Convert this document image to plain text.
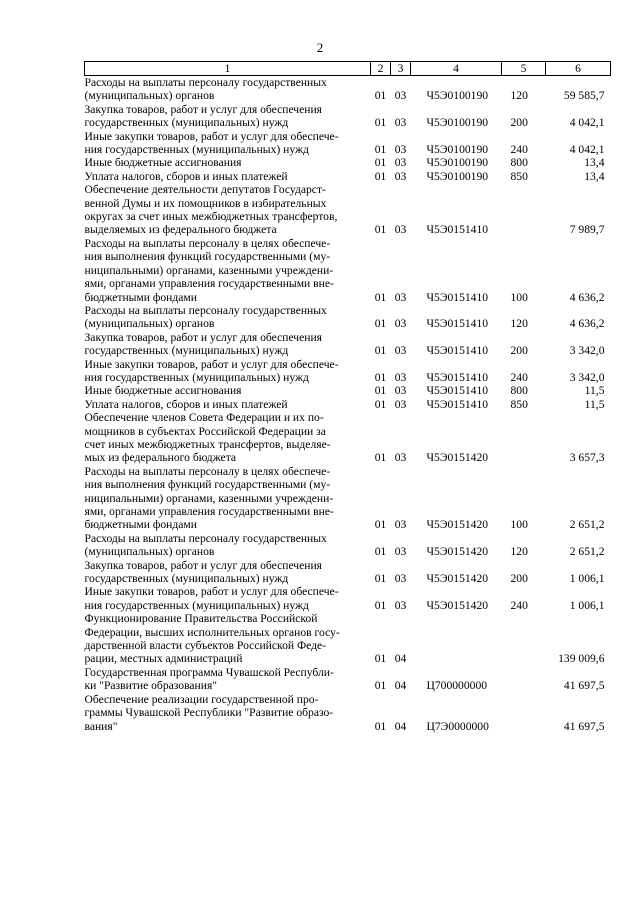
2
1	2	3	4	5	6
Расходы на выплаты персоналу государственных
(муниципальных) органов	01	03	Ч5Э0100190	120	59 585,7
Закупка товаров, работ и услуг для обеспечения
государственных (муниципальных) нужд	01	03	Ч5Э0100190	200	4 042,1
Иные закупки товаров, работ и услуг для обеспече-
ния государственных (муниципальных) нужд	01	03	Ч5Э0100190	240	4 042,1
Иные бюджетные ассигнования	01	03	Ч5Э0100190	800	13,4
Уплата налогов, сборов и иных платежей	01	03	Ч5Э0100190	850	13,4
Обеспечение деятельности депутатов Государст-
венной Думы и их помощников в избирательных
округах за счет иных межбюджетных трансфертов,
выделяемых из федерального бюджета	01	03	Ч5Э0151410		7 989,7
Расходы на выплаты персоналу в целях обеспече-
ния выполнения функций государственными (му-
ниципальными) органами, казенными учреждени-
ями, органами управления государственными вне-
бюджетными фондами	01	03	Ч5Э0151410	100	4 636,2
Расходы на выплаты персоналу государственных
(муниципальных) органов	01	03	Ч5Э0151410	120	4 636,2
Закупка товаров, работ и услуг для обеспечения
государственных (муниципальных) нужд	01	03	Ч5Э0151410	200	3 342,0
Иные закупки товаров, работ и услуг для обеспече-
ния государственных (муниципальных) нужд	01	03	Ч5Э0151410	240	3 342,0
Иные бюджетные ассигнования	01	03	Ч5Э0151410	800	11,5
Уплата налогов, сборов и иных платежей	01	03	Ч5Э0151410	850	11,5
Обеспечение членов Совета Федерации и их по-
мощников в субъектах Российской Федерации за
счет иных межбюджетных трансфертов, выделяе-
мых из федерального бюджета	01	03	Ч5Э0151420		3 657,3
Расходы на выплаты персоналу в целях обеспече-
ния выполнения функций государственными (му-
ниципальными) органами, казенными учреждени-
ями, органами управления государственными вне-
бюджетными фондами	01	03	Ч5Э0151420	100	2 651,2
Расходы на выплаты персоналу государственных
(муниципальных) органов	01	03	Ч5Э0151420	120	2 651,2
Закупка товаров, работ и услуг для обеспечения
государственных (муниципальных) нужд	01	03	Ч5Э0151420	200	1 006,1
Иные закупки товаров, работ и услуг для обеспече-
ния государственных (муниципальных) нужд	01	03	Ч5Э0151420	240	1 006,1
Функционирование Правительства Российской
Федерации, высших исполнительных органов госу-
дарственной власти субъектов Российской Феде-
рации, местных администраций	01	04			139 009,6
Государственная программа Чувашской Республи-
ки "Развитие образования"	01	04	Ц700000000		41 697,5
Обеспечение реализации государственной про-
граммы Чувашской Республики "Развитие образо-
вания"	01	04	Ц7Э0000000		41 697,5
